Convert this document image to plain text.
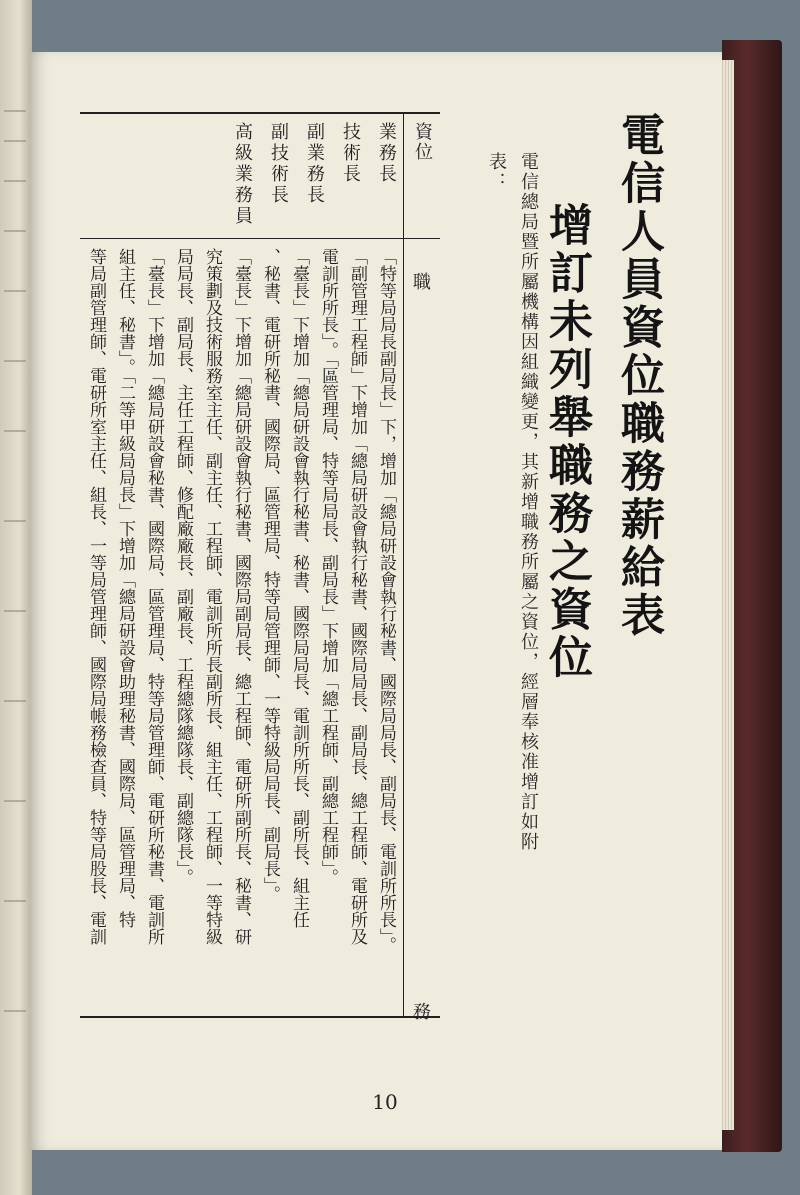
電信人員資位職務薪給表
增訂未列舉職務之資位
電信總局暨所屬機構因組織變更，其新增職務所屬之資位，經層奉核准增訂如附表：
資位
業務長
技術長
副業務長
副技術長
高級業務員
職
務
「特等局局長副局長」下，增加「總局研設會執行秘書、國際局局長、副局長、電訓所所長」。
「副管理工程師」下增加「總局研設會執行秘書、國際局局長、副局長、總工程師、電研所及
電訓所所長」。「區管理局、特等局局長、副局長」下增加「總工程師、副總工程師」。
「臺長」下增加「總局研設會執行秘書、秘書、國際局局長、電訓所所長、副所長、組主任
、秘書、電研所秘書、國際局、區管理局、特等局管理師、一等特級局局長、副局長」。
「臺長」下增加「總局研設會執行秘書、國際局副局長、總工程師、電研所副所長、秘書、研
究策劃及技術服務室主任、副主任、工程師、電訓所所長副所長、組主任、工程師、一等特級
局局長、副局長、主任工程師、修配廠廠長、副廠長、工程總隊總隊長、副總隊長」。
「臺長」下增加「總局研設會秘書、國際局、區管理局、特等局管理師、電研所秘書、電訓所
組主任、秘書」。「二等甲級局局長」下增加「總局研設會助理秘書、國際局、區管理局、特
等局副管理師、電研所室主任、組長、一等局管理師、國際局帳務檢查員、特等局股長、電訓
10
